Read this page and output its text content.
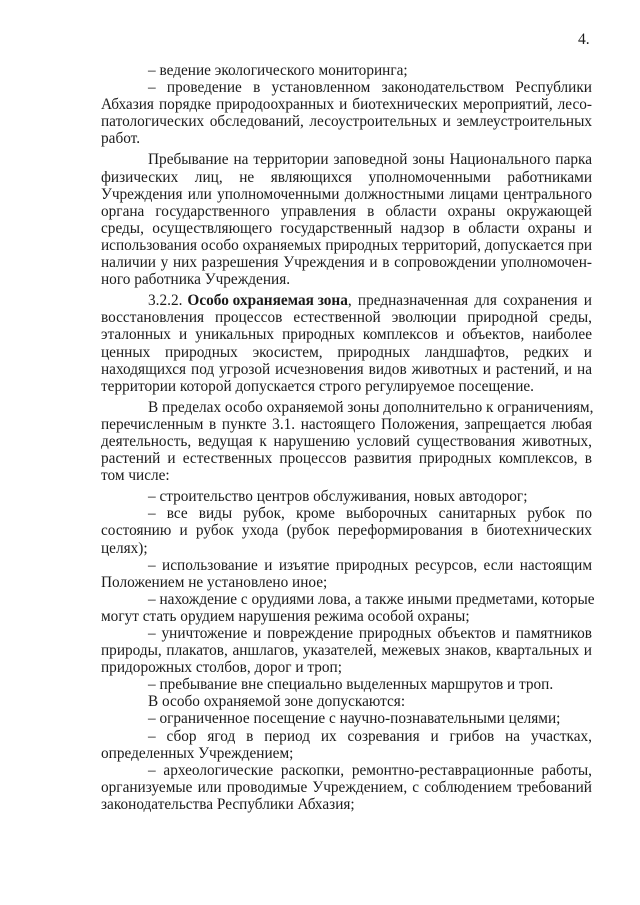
4.
– ведение экологического мониторинга;
– проведение в установленном законодательством Республики
Абхазия порядке природоохранных и биотехнических мероприятий, лесо-
патологических обследований, лесоустроительных и землеустроительных
работ.
Пребывание на территории заповедной зоны Национального парка
физических лиц, не являющихся уполномоченными работниками
Учреждения или уполномоченными должностными лицами центрального
органа государственного управления в области охраны окружающей
среды, осуществляющего государственный надзор в области охраны и
использования особо охраняемых природных территорий, допускается при
наличии у них разрешения Учреждения и в сопровождении уполномочен-
ного работника Учреждения.
3.2.2. Особо охраняемая зона , предназначенная для сохранения и
восстановления процессов естественной эволюции природной среды,
эталонных и уникальных природных комплексов и объектов, наиболее
ценных природных экосистем, природных ландшафтов, редких и
находящихся под угрозой исчезновения видов животных и растений, и на
территории которой допускается строго регулируемое посещение.
В пределах особо охраняемой зоны дополнительно к ограничениям,
перечисленным в пункте 3.1. настоящего Положения, запрещается любая
деятельность, ведущая к нарушению условий существования животных,
растений и естественных процессов развития природных комплексов, в
том числе:
– строительство центров обслуживания, новых автодорог;
– все виды рубок, кроме выборочных санитарных рубок по
состоянию и рубок ухода (рубок переформирования в биотехнических
целях);
– использование и изъятие природных ресурсов, если настоящим
Положением не установлено иное;
– нахождение с орудиями лова, а также иными предметами, которые
могут стать орудием нарушения режима особой охраны;
– уничтожение и повреждение природных объектов и памятников
природы, плакатов, аншлагов, указателей, межевых знаков, квартальных и
придорожных столбов, дорог и троп;
– пребывание вне специально выделенных маршрутов и троп.
В особо охраняемой зоне допускаются:
– ограниченное посещение с научно-познавательными целями;
– сбор ягод в период их созревания и грибов на участках,
определенных Учреждением;
– археологические раскопки, ремонтно-реставрационные работы,
организуемые или проводимые Учреждением, с соблюдением требований
законодательства Республики Абхазия;
